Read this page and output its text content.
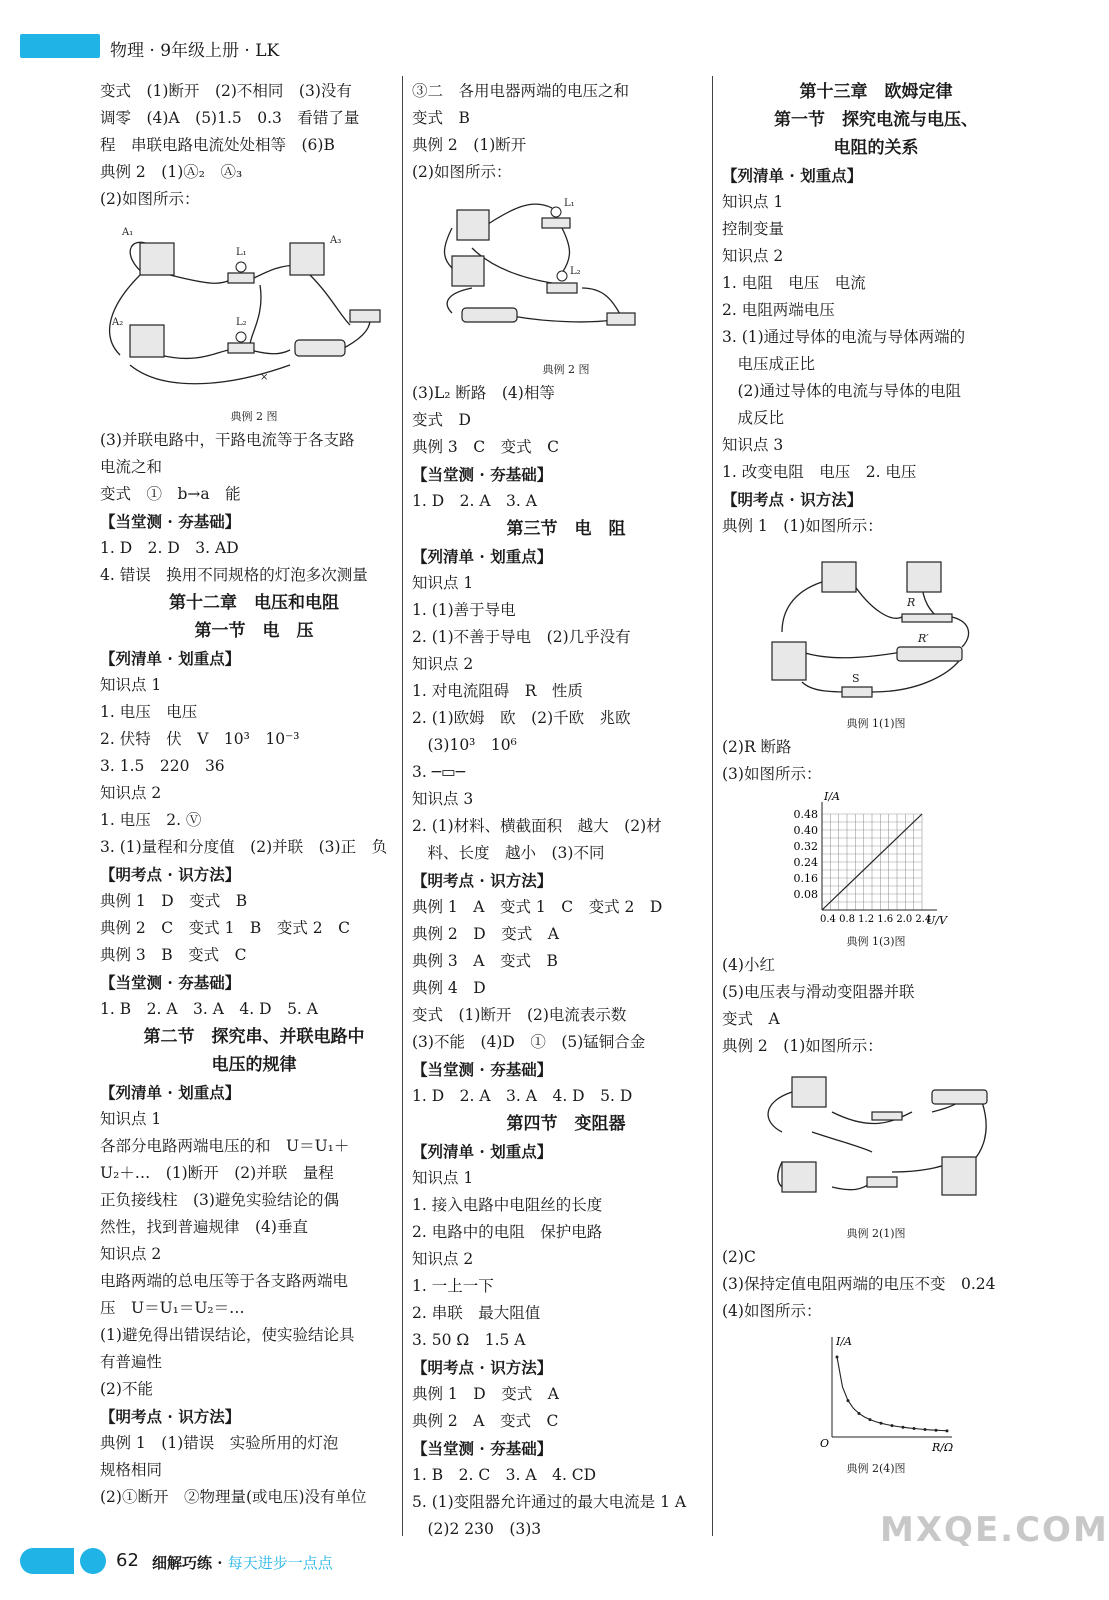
物理 · 9年级上册 · LK
变式　(1)断开　(2)不相同　(3)没有
调零　(4)A　(5)1.5　0.3　看错了量
程　串联电路电流处处相等　(6)B
典例 2　(1)Ⓐ₂　Ⓐ₃
(2)如图所示：
A₁
A₃
A₂
L₁
L₂
×
典例 2 图
(3)并联电路中，干路电流等于各支路
电流之和
变式　①　b→a　能
【当堂测 · 夯基础】
1. D　2. D　3. AD
4. 错误　换用不同规格的灯泡多次测量
第十二章　电压和电阻
第一节　电　压
【列清单 · 划重点】
知识点 1
1. 电压　电压
2. 伏特　伏　V　10³　10⁻³
3. 1.5　220　36
知识点 2
1. 电压　2. Ⓥ
3. (1)量程和分度值　(2)并联　(3)正　负
【明考点 · 识方法】
典例 1　D　变式　B
典例 2　C　变式 1　B　变式 2　C
典例 3　B　变式　C
【当堂测 · 夯基础】
1. B　2. A　3. A　4. D　5. A
第二节　探究串、并联电路中
电压的规律
【列清单 · 划重点】
知识点 1
各部分电路两端电压的和　U＝U₁＋
U₂＋…　(1)断开　(2)并联　量程
正负接线柱　(3)避免实验结论的偶
然性，找到普遍规律　(4)垂直
知识点 2
电路两端的总电压等于各支路两端电
压　U＝U₁＝U₂＝…
(1)避免得出错误结论，使实验结论具
有普遍性
(2)不能
【明考点 · 识方法】
典例 1　(1)错误　实验所用的灯泡
规格相同
(2)①断开　②物理量(或电压)没有单位
③二　各用电器两端的电压之和
变式　B
典例 2　(1)断开
(2)如图所示：
L₁
L₂
典例 2 图
(3)L₂ 断路　(4)相等
变式　D
典例 3　C　变式　C
【当堂测 · 夯基础】
1. D　2. A　3. A
第三节　电　阻
【列清单 · 划重点】
知识点 1
1. (1)善于导电
2. (1)不善于导电　(2)几乎没有
知识点 2
1. 对电流阻碍　R　性质
2. (1)欧姆　欧　(2)千欧　兆欧
　(3)10³　10⁶
3. ─▭─
知识点 3
2. (1)材料、横截面积　越大　(2)材
　料、长度　越小　(3)不同
【明考点 · 识方法】
典例 1　A　变式 1　C　变式 2　D
典例 2　D　变式　A
典例 3　A　变式　B
典例 4　D
变式　(1)断开　(2)电流表示数
(3)不能　(4)D　①　(5)锰铜合金
【当堂测 · 夯基础】
1. D　2. A　3. A　4. D　5. D
第四节　变阻器
【列清单 · 划重点】
知识点 1
1. 接入电路中电阻丝的长度
2. 电路中的电阻　保护电路
知识点 2
1. 一上一下
2. 串联　最大阻值
3. 50 Ω　1.5 A
【明考点 · 识方法】
典例 1　D　变式　A
典例 2　A　变式　C
【当堂测 · 夯基础】
1. B　2. C　3. A　4. CD
5. (1)变阻器允许通过的最大电流是 1 A
　(2)2 230　(3)3
第十三章　欧姆定律
第一节　探究电流与电压、
电阻的关系
【列清单 · 划重点】
知识点 1
控制变量
知识点 2
1. 电阻　电压　电流
2. 电阻两端电压
3. (1)通过导体的电流与导体两端的
　电压成正比
　(2)通过导体的电流与导体的电阻
　成反比
知识点 3
1. 改变电阻　电压　2. 电压
【明考点 · 识方法】
典例 1　(1)如图所示：
R
R′
S
典例 1(1)图
(2)R 断路
(3)如图所示：
0.48
0.40
0.32
0.24
0.16
0.08
I/A
U/V
0.4 0.8 1.2 1.6 2.0 2.4
典例 1(3)图
(4)小红
(5)电压表与滑动变阻器并联
变式　A
典例 2　(1)如图所示：
典例 2(1)图
(2)C
(3)保持定值电阻两端的电压不变　0.24
(4)如图所示：
I/A
R/Ω
O
典例 2(4)图
62 细解巧练 · 每天进步一点点
MXQE.COM
